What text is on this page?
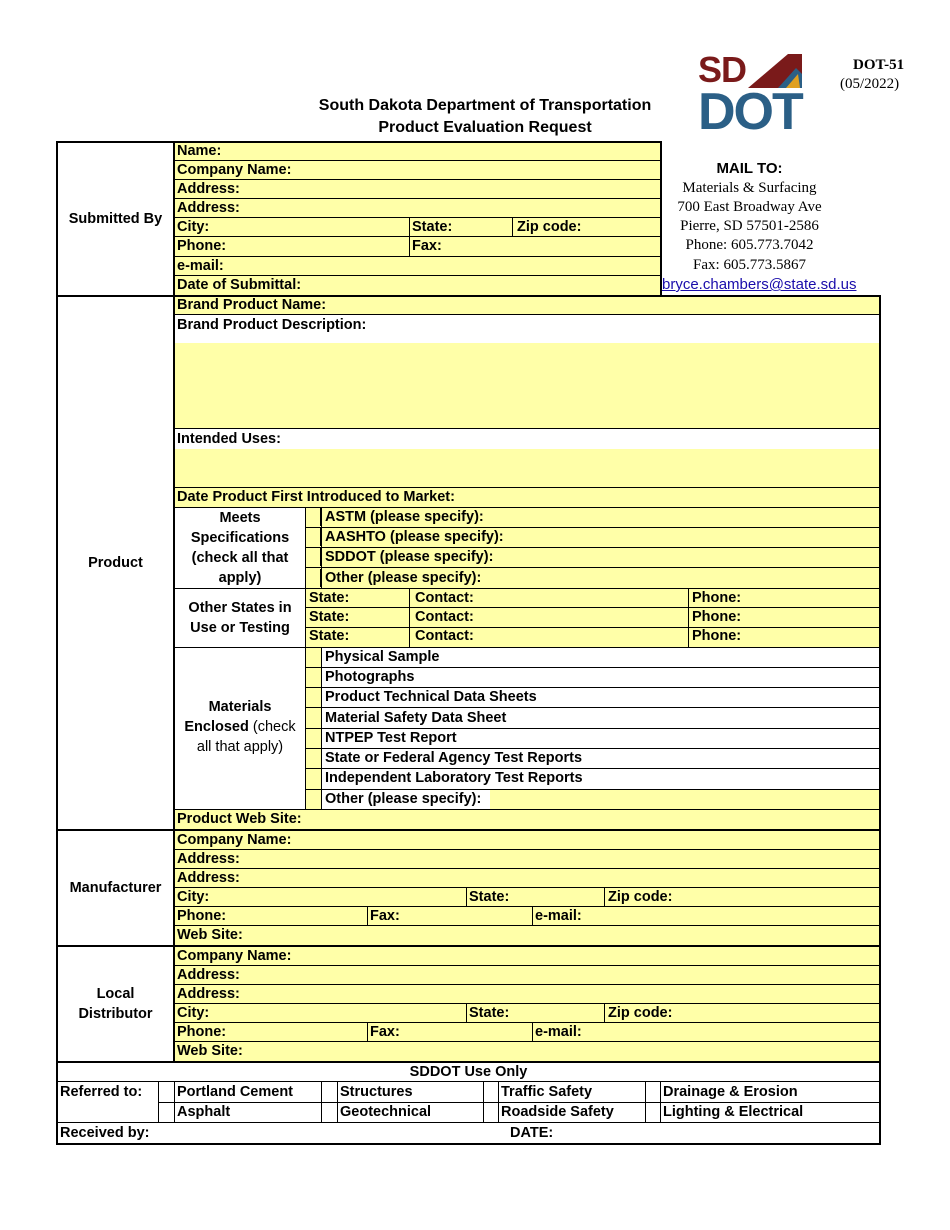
DOT-51
(05/2022)
South Dakota Department of Transportation
Product Evaluation Request
SD
DOT
MAIL TO:
Materials & Surfacing
700 East Broadway Ave
Pierre, SD 57501-2586
Phone: 605.773.7042
Fax: 605.773.5867
bryce.chambers@state.sd.us
Submitted By
Product
Manufacturer
Local Distributor
Name:
Company Name:
Address:
Address:
City:	State:	Zip code:
Phone:	Fax:
e-mail:
Date of Submittal:
Brand Product Name:
Brand Product Description:
Intended Uses:
Date Product First Introduced to Market:
Meets Specifications (check all that apply)
ASTM (please specify):
AASHTO (please specify):
SDDOT (please specify):
Other (please specify):
Other States in Use or Testing
State:	Contact:	Phone:
State:	Contact:	Phone:
State:	Contact:	Phone:
Materials Enclosed (check all that apply)
Physical Sample
Photographs
Product Technical Data Sheets
Material Safety Data Sheet
NTPEP Test Report
State or Federal Agency Test Reports
Independent Laboratory Test Reports
Other (please specify):
Product Web Site:
Company Name:
Address:
Address:
City:	State:	Zip code:
Phone:	Fax:	e-mail:
Web Site:
Company Name:
Address:
Address:
City:	State:	Zip code:
Phone:	Fax:	e-mail:
Web Site:
SDDOT Use Only
Referred to: Portland Cement	Structures	Traffic Safety	Drainage & Erosion
Asphalt	Geotechnical	Roadside Safety	Lighting & Electrical
Received by:	DATE:
